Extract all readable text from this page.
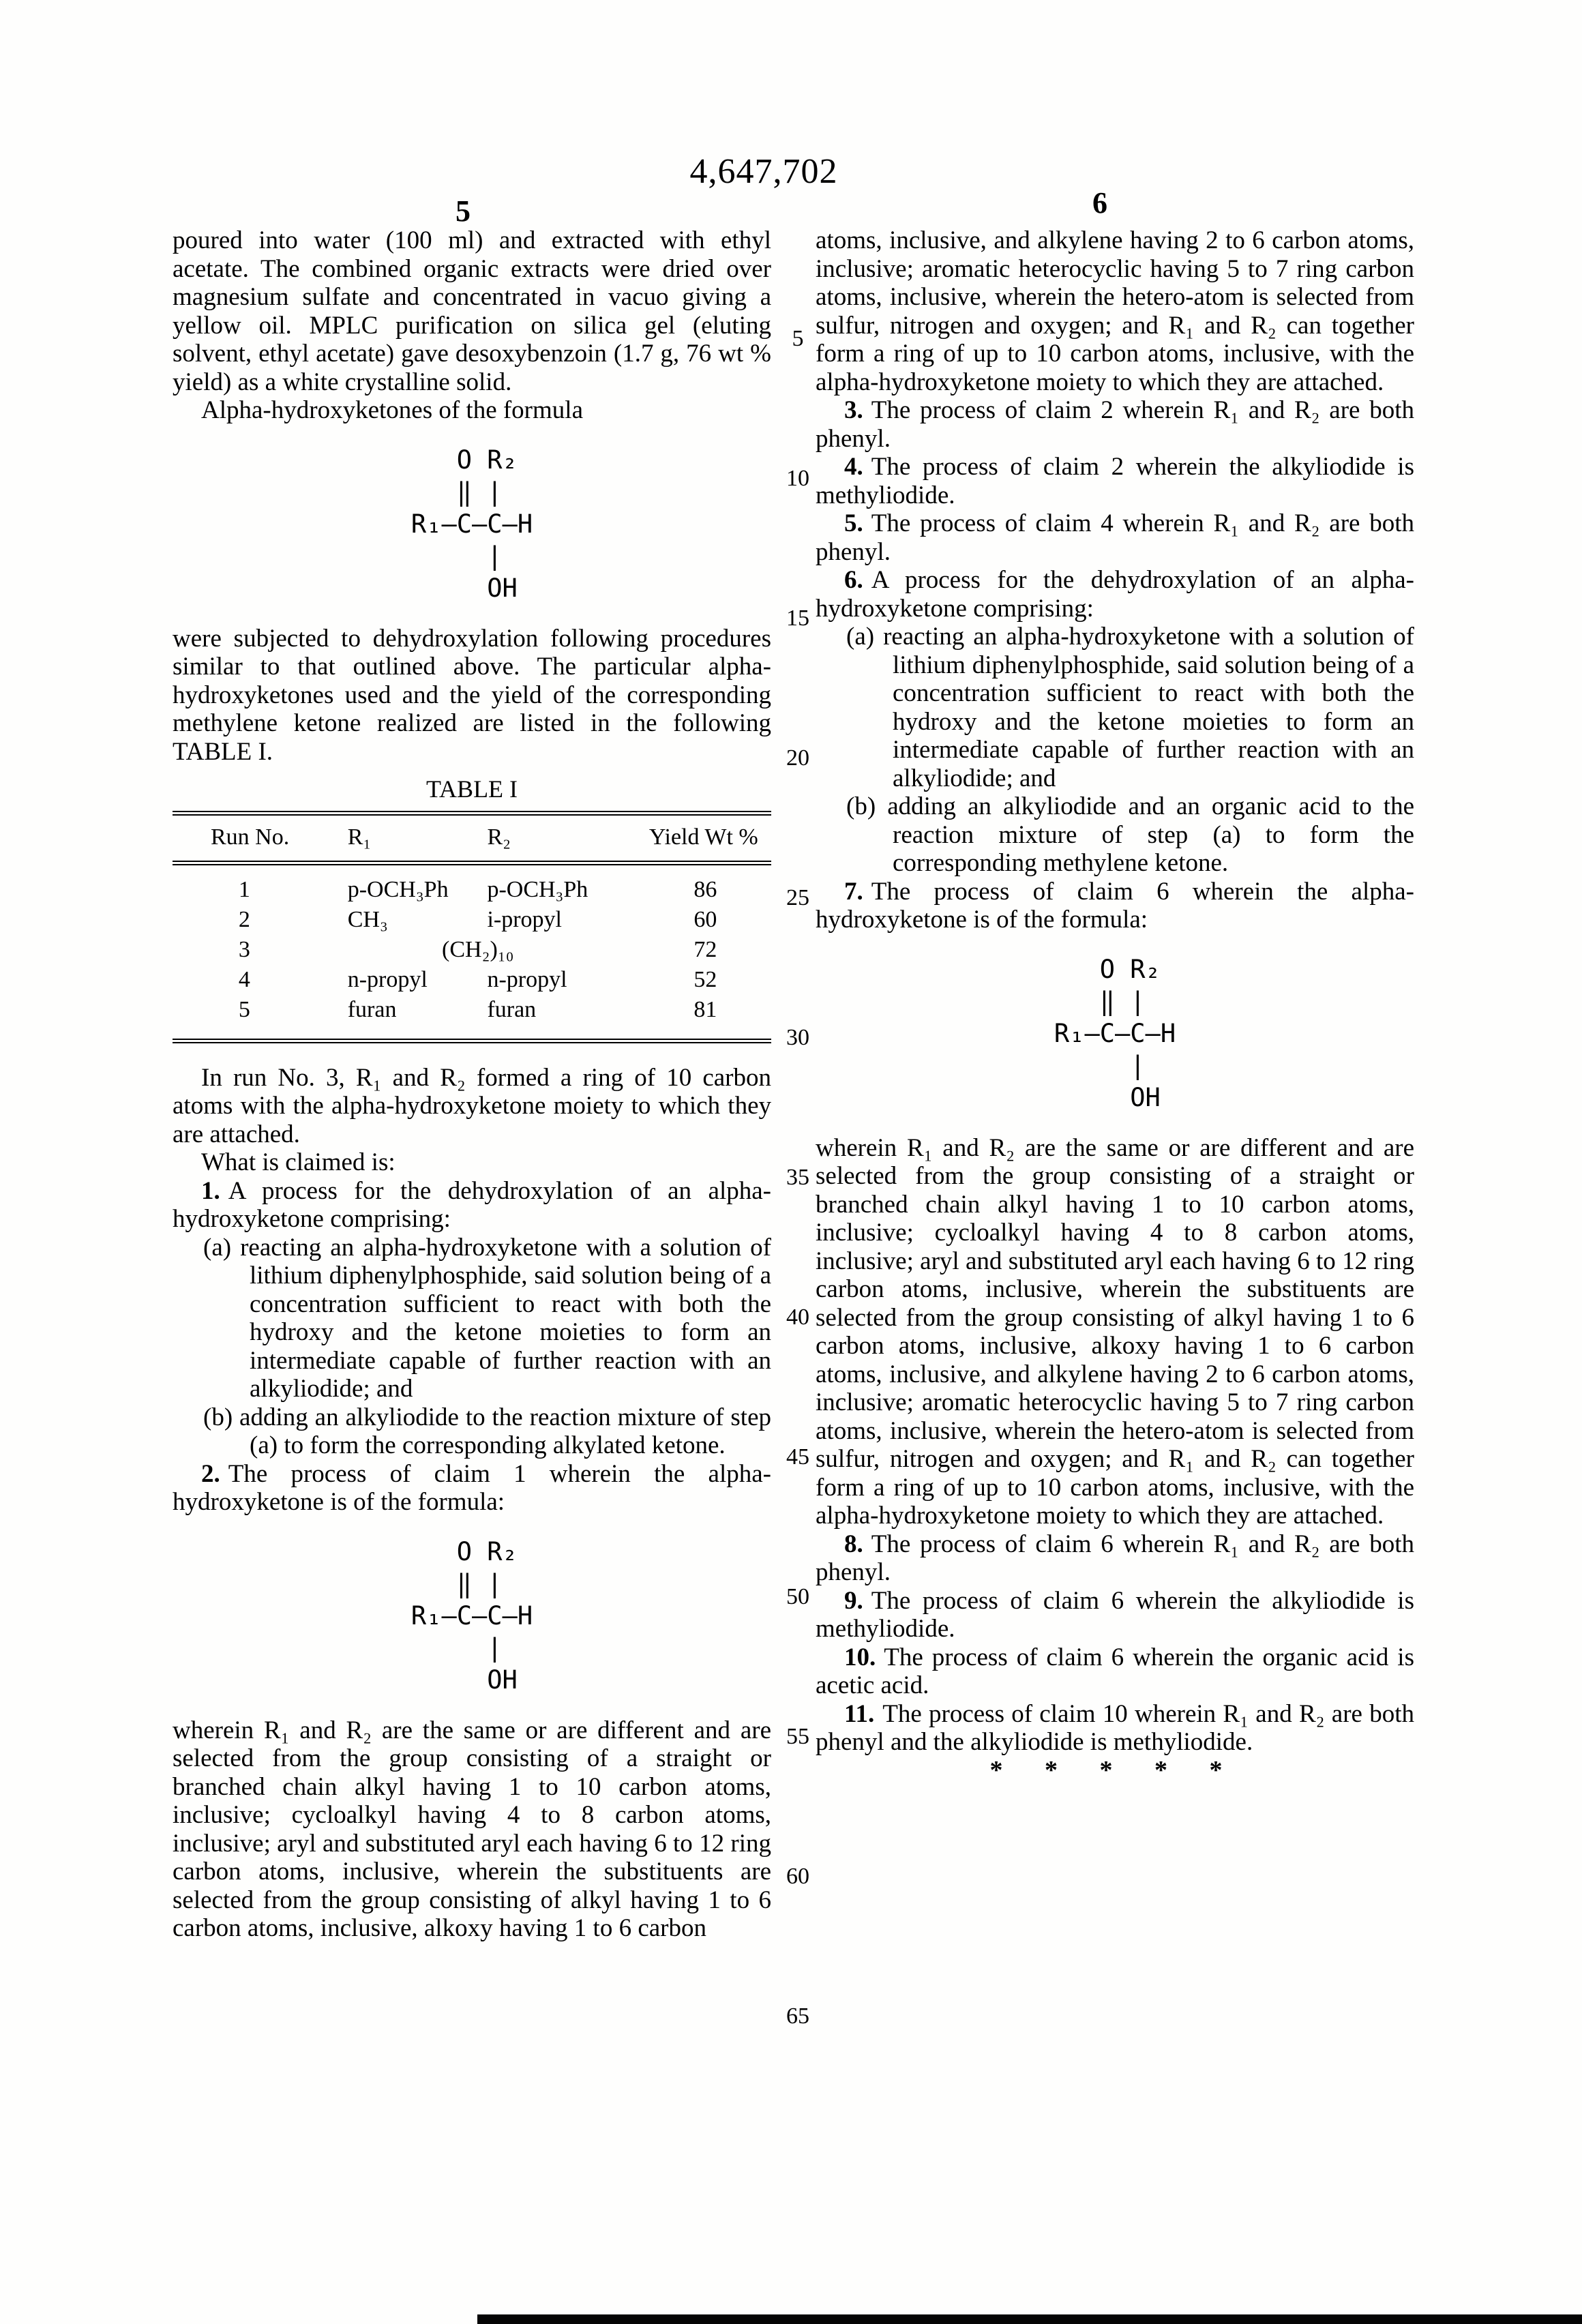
4,647,702
5	6
5
10
15
20
25
30
35
40
45
50
55
60
65

poured into water (100 ml) and extracted with ethyl acetate. The combined organic extracts were dried over magnesium sulfate and concentrated in vacuo giving a yellow oil. MPLC purification on silica gel (eluting solvent, ethyl acetate) gave desoxybenzoin (1.7 g, 76 wt % yield) as a white crystalline solid.

Alpha-hydroxyketones of the formula

O R₂
‖ |
R₁—C—C—H
|
OH

were subjected to dehydroxylation following procedures similar to that outlined above. The particular alpha-hydroxyketones used and the yield of the corresponding methylene ketone realized are listed in the following TABLE I.

TABLE I
Run No.	R₁	R₂	Yield Wt %
1	p-OCH₃Ph	p-OCH₃Ph	86
2	CH₃	i-propyl	60
3	(CH₂)₁₀	72
4	n-propyl	n-propyl	52
5	furan	furan	81

In run No. 3, R₁ and R₂ formed a ring of 10 carbon atoms with the alpha-hydroxyketone moiety to which they are attached.

What is claimed is:

1. A process for the dehydroxylation of an alpha-hydroxyketone comprising:

(a) reacting an alpha-hydroxyketone with a solution of lithium diphenylphosphide, said solution being of a concentration sufficient to react with both the hydroxy and the ketone moieties to form an intermediate capable of further reaction with an alkyliodide; and

(b) adding an alkyliodide to the reaction mixture of step (a) to form the corresponding alkylated ketone.

2. The process of claim 1 wherein the alpha-hydroxyketone is of the formula:

O R₂
‖ |
R₁—C—C—H
|
OH

wherein R₁ and R₂ are the same or are different and are selected from the group consisting of a straight or branched chain alkyl having 1 to 10 carbon atoms, inclusive; cycloalkyl having 4 to 8 carbon atoms, inclusive; aryl and substituted aryl each having 6 to 12 ring carbon atoms, inclusive, wherein the substituents are selected from the group consisting of alkyl having 1 to 6 carbon atoms, inclusive, alkoxy having 1 to 6 carbon

atoms, inclusive, and alkylene having 2 to 6 carbon atoms, inclusive; aromatic heterocyclic having 5 to 7 ring carbon atoms, inclusive, wherein the hetero-atom is selected from sulfur, nitrogen and oxygen; and R₁ and R₂ can together form a ring of up to 10 carbon atoms, inclusive, with the alpha-hydroxyketone moiety to which they are attached.

3. The process of claim 2 wherein R₁ and R₂ are both phenyl.

4. The process of claim 2 wherein the alkyliodide is methyliodide.

5. The process of claim 4 wherein R₁ and R₂ are both phenyl.

6. A process for the dehydroxylation of an alpha-hydroxyketone comprising:

(a) reacting an alpha-hydroxyketone with a solution of lithium diphenylphosphide, said solution being of a concentration sufficient to react with both the hydroxy and the ketone moieties to form an intermediate capable of further reaction with an alkyliodide; and

(b) adding an alkyliodide and an organic acid to the reaction mixture of step (a) to form the corresponding methylene ketone.

7. The process of claim 6 wherein the alpha-hydroxyketone is of the formula:

O R₂
‖ |
R₁—C—C—H
|
OH

wherein R₁ and R₂ are the same or are different and are selected from the group consisting of a straight or branched chain alkyl having 1 to 10 carbon atoms, inclusive; cycloalkyl having 4 to 8 carbon atoms, inclusive; aryl and substituted aryl each having 6 to 12 ring carbon atoms, inclusive, wherein the substituents are selected from the group consisting of alkyl having 1 to 6 carbon atoms, inclusive, alkoxy having 1 to 6 carbon atoms, inclusive, and alkylene having 2 to 6 carbon atoms, inclusive; aromatic heterocyclic having 5 to 7 ring carbon atoms, inclusive, wherein the hetero-atom is selected from sulfur, nitrogen and oxygen; and R₁ and R₂ can together form a ring of up to 10 carbon atoms, inclusive, with the alpha-hydroxyketone moiety to which they are attached.

8. The process of claim 6 wherein R₁ and R₂ are both phenyl.

9. The process of claim 6 wherein the alkyliodide is methyliodide.

10. The process of claim 6 wherein the organic acid is acetic acid.

11. The process of claim 10 wherein R₁ and R₂ are both phenyl and the alkyliodide is methyliodide.

* * * * *
